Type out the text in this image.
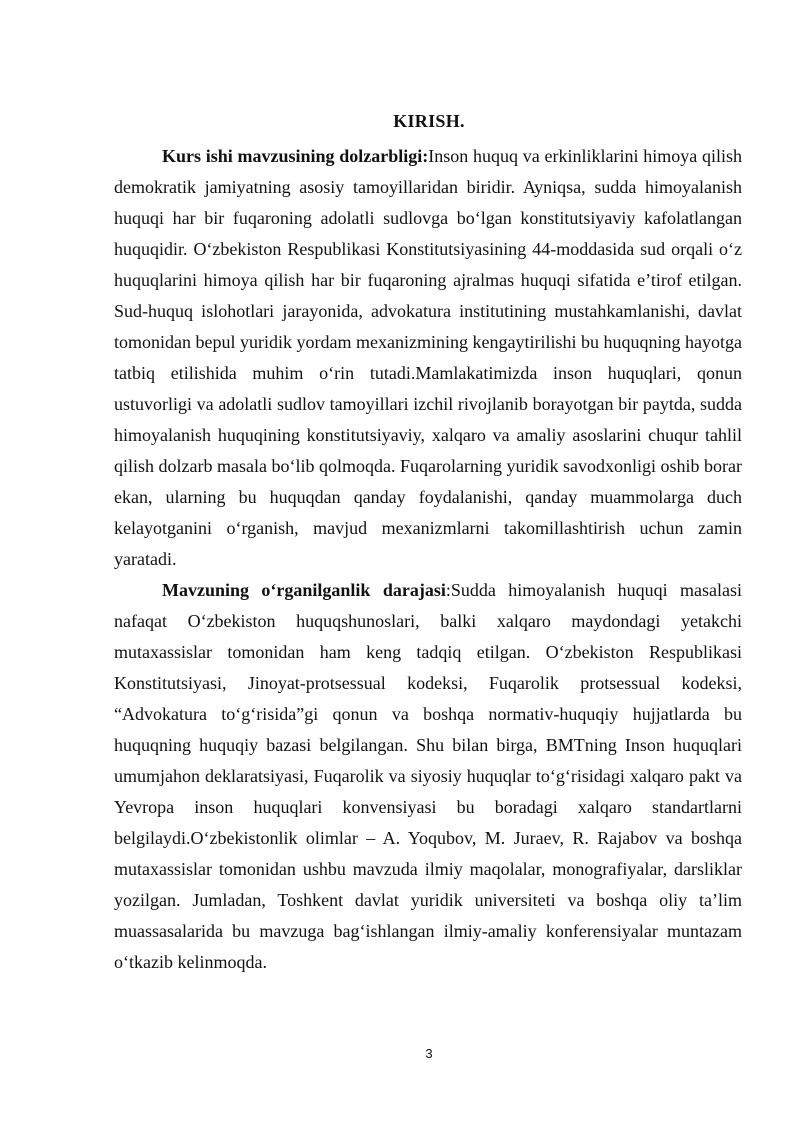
KIRISH.

Kurs ishi mavzusining dolzarbligi:Inson huquq va erkinliklarini himoya qilish demokratik jamiyatning asosiy tamoyillaridan biridir. Ayniqsa, sudda himoyalanish huquqi har bir fuqaroning adolatli sudlovga bo‘lgan konstitutsiyaviy kafolatlangan huquqidir. O‘zbekiston Respublikasi Konstitutsiyasining 44-moddasida sud orqali o‘z huquqlarini himoya qilish har bir fuqaroning ajralmas huquqi sifatida e’tirof etilgan. Sud-huquq islohotlari jarayonida, advokatura institutining mustahkamlanishi, davlat tomonidan bepul yuridik yordam mexanizmining kengaytirilishi bu huquqning hayotga tatbiq etilishida muhim o‘rin tutadi.Mamlakatimizda inson huquqlari, qonun ustuvorligi va adolatli sudlov tamoyillari izchil rivojlanib borayotgan bir paytda, sudda himoyalanish huquqining konstitutsiyaviy, xalqaro va amaliy asoslarini chuqur tahlil qilish dolzarb masala bo‘lib qolmoqda. Fuqarolarning yuridik savodxonligi oshib borar ekan, ularning bu huquqdan qanday foydalanishi, qanday muammolarga duch kelayotganini o‘rganish, mavjud mexanizmlarni takomillashtirish uchun zamin yaratadi.

Mavzuning o‘rganilganlik darajasi:Sudda himoyalanish huquqi masalasi nafaqat O‘zbekiston huquqshunoslari, balki xalqaro maydondagi yetakchi mutaxassislar tomonidan ham keng tadqiq etilgan. O‘zbekiston Respublikasi Konstitutsiyasi, Jinoyat-protsessual kodeksi, Fuqarolik protsessual kodeksi, “Advokatura to‘g‘risida”gi qonun va boshqa normativ-huquqiy hujjatlarda bu huquqning huquqiy bazasi belgilangan. Shu bilan birga, BMTning Inson huquqlari umumjahon deklaratsiyasi, Fuqarolik va siyosiy huquqlar to‘g‘risidagi xalqaro pakt va Yevropa inson huquqlari konvensiyasi bu boradagi xalqaro standartlarni belgilaydi.O‘zbekistonlik olimlar – A. Yoqubov, M. Juraev, R. Rajabov va boshqa mutaxassislar tomonidan ushbu mavzuda ilmiy maqolalar, monografiyalar, darsliklar yozilgan. Jumladan, Toshkent davlat yuridik universiteti va boshqa oliy ta’lim muassasalarida bu mavzuga bag‘ishlangan ilmiy-amaliy konferensiyalar muntazam o‘tkazib kelinmoqda.

3
